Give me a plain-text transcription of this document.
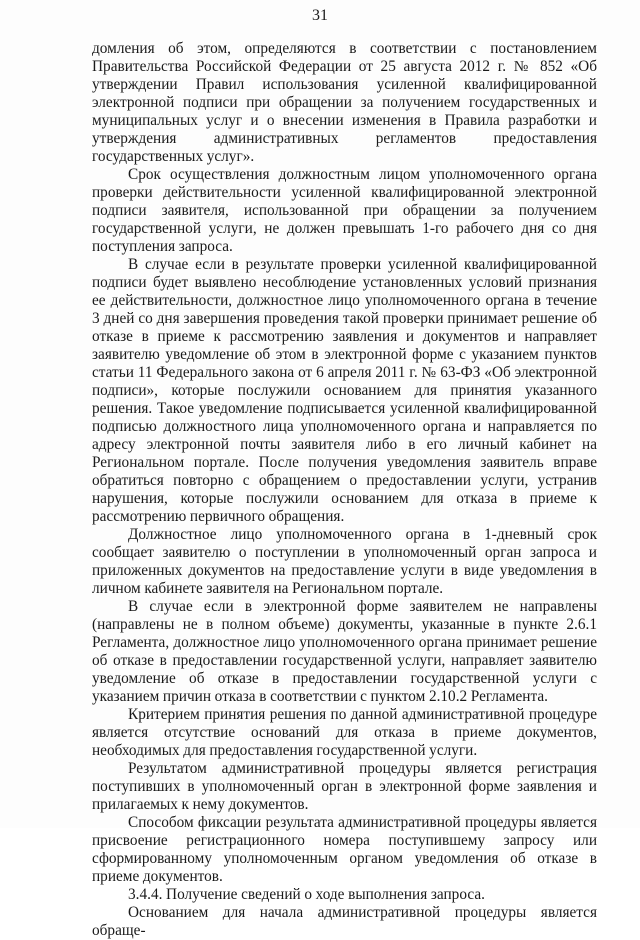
31

домления об этом, определяются в соответствии с постановлением Правительства Российской Федерации от 25 августа 2012 г. № 852 «Об утверждении Правил использования усиленной квалифицированной электронной подписи при обращении за получением государственных и муниципальных услуг и о внесении изменения в Правила разработки и утверждения административных регламентов предоставления государственных услуг».

Срок осуществления должностным лицом уполномоченного органа проверки действительности усиленной квалифицированной электронной подписи заявителя, использованной при обращении за получением государственной услуги, не должен превышать 1-го рабочего дня со дня поступления запроса.

В случае если в результате проверки усиленной квалифицированной подписи будет выявлено несоблюдение установленных условий признания ее действительности, должностное лицо уполномоченного органа в течение 3 дней со дня завершения проведения такой проверки принимает решение об отказе в приеме к рассмотрению заявления и документов и направляет заявителю уведомление об этом в электронной форме с указанием пунктов статьи 11 Федерального закона от 6 апреля 2011 г. № 63-ФЗ «Об электронной подписи», которые послужили основанием для принятия указанного решения. Такое уведомление подписывается усиленной квалифицированной подписью должностного лица уполномоченного органа и направляется по адресу электронной почты заявителя либо в его личный кабинет на Региональном портале. После получения уведомления заявитель вправе обратиться повторно с обращением о предоставлении услуги, устранив нарушения, которые послужили основанием для отказа в приеме к рассмотрению первичного обращения.

Должностное лицо уполномоченного органа в 1-дневный срок сообщает заявителю о поступлении в уполномоченный орган запроса и приложенных документов на предоставление услуги в виде уведомления в личном кабинете заявителя на Региональном портале.

В случае если в электронной форме заявителем не направлены (направлены не в полном объеме) документы, указанные в пункте 2.6.1 Регламента, должностное лицо уполномоченного органа принимает решение об отказе в предоставлении государственной услуги, направляет заявителю уведомление об отказе в предоставлении государственной услуги с указанием причин отказа в соответствии с пунктом 2.10.2 Регламента.

Критерием принятия решения по данной административной процедуре является отсутствие оснований для отказа в приеме документов, необходимых для предоставления государственной услуги.

Результатом административной процедуры является регистрация поступивших в уполномоченный орган в электронной форме заявления и прилагаемых к нему документов.

Способом фиксации результата административной процедуры является присвоение регистрационного номера поступившему запросу или сформированному уполномоченным органом уведомления об отказе в приеме документов.

3.4.4. Получение сведений о ходе выполнения запроса.

Основанием для начала административной процедуры является обраще-
